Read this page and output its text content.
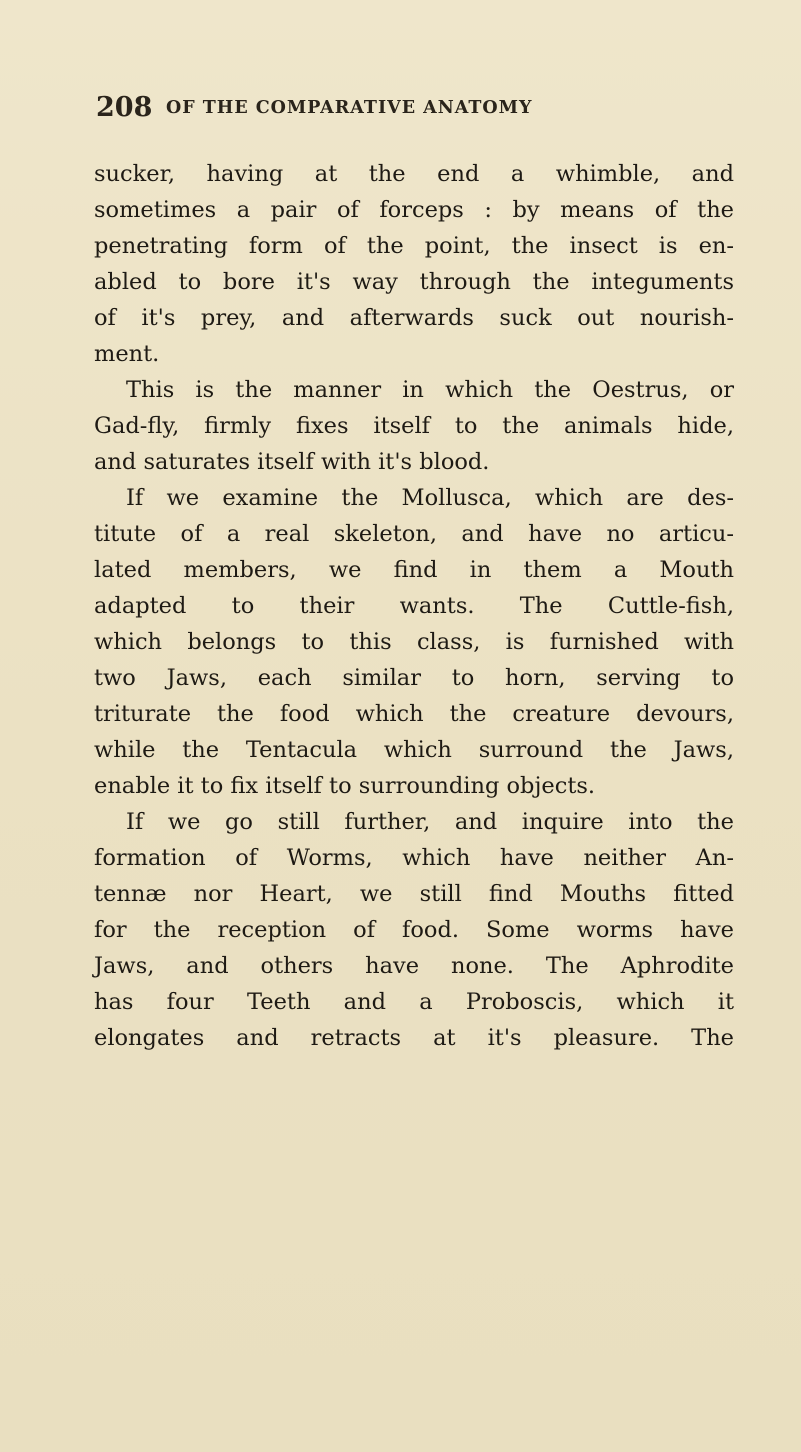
208 OF THE COMPARATIVE ANATOMY
sucker, having at the end a whimble, and
sometimes a pair of forceps : by means of the
penetrating form of the point, the insect is en-
abled to bore it's way through the integuments
of it's prey, and afterwards suck out nourish-
ment.
This is the manner in which the Oestrus, or
Gad-fly, firmly fixes itself to the animals hide,
and saturates itself with it's blood.
If we examine the Mollusca, which are des-
titute of a real skeleton, and have no articu-
lated members, we find in them a Mouth
adapted to their wants. The Cuttle-fish,
which belongs to this class, is furnished with
two Jaws, each similar to horn, serving to
triturate the food which the creature devours,
while the Tentacula which surround the Jaws,
enable it to fix itself to surrounding objects.
If we go still further, and inquire into the
formation of Worms, which have neither An-
tennæ nor Heart, we still find Mouths fitted
for the reception of food. Some worms have
Jaws, and others have none. The Aphrodite
has four Teeth and a Proboscis, which it
elongates and retracts at it's pleasure. The
